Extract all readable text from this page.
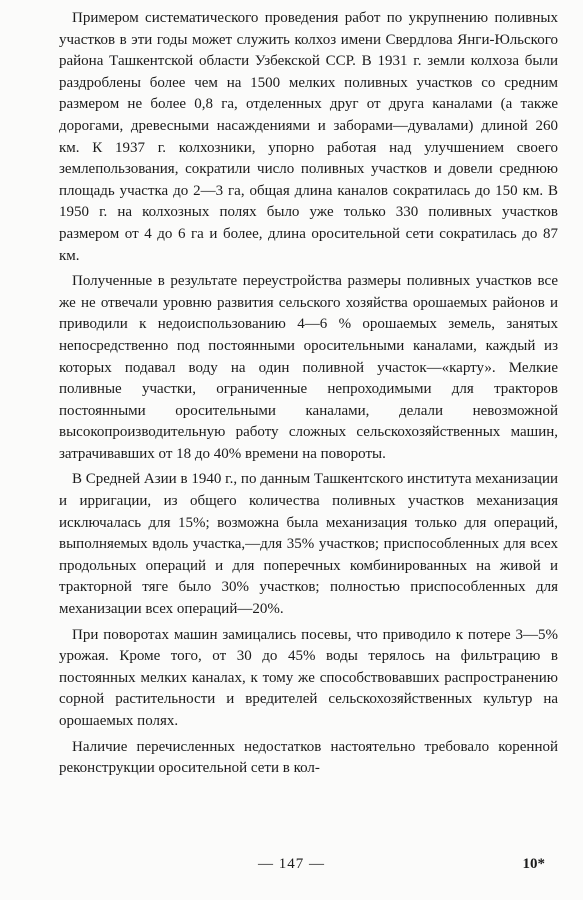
Примером систематического проведения работ по укрупнению поливных участков в эти годы может служить колхоз имени Свердлова Янги-Юльского района Ташкентской области Узбекской ССР. В 1931 г. земли колхоза были раздроблены более чем на 1500 мелких поливных участков со средним размером не более 0,8 га, отделенных друг от друга каналами (а также дорогами, древесными насаждениями и заборами—дувалами) длиной 260 км. К 1937 г. колхозники, упорно работая над улучшением своего землепользования, сократили число поливных участков и довели среднюю площадь участка до 2—3 га, общая длина каналов сократилась до 150 км. В 1950 г. на колхозных полях было уже только 330 поливных участков размером от 4 до 6 га и более, длина оросительной сети сократилась до 87 км.

Полученные в результате переустройства размеры поливных участков все же не отвечали уровню развития сельского хозяйства орошаемых районов и приводили к недоиспользованию 4—6 % орошаемых земель, занятых непосредственно под постоянными оросительными каналами, каждый из которых подавал воду на один поливной участок—«карту». Мелкие поливные участки, ограниченные непроходимыми для тракторов постоянными оросительными каналами, делали невозможной высокопроизводительную работу сложных сельскохозяйственных машин, затрачивавших от 18 до 40% времени на повороты.

В Средней Азии в 1940 г., по данным Ташкентского института механизации и ирригации, из общего количества поливных участков механизация исключалась для 15%; возможна была механизация только для операций, выполняемых вдоль участка,—для 35% участков; приспособленных для всех продольных операций и для поперечных комбинированных на живой и тракторной тяге было 30% участков; полностью приспособленных для механизации всех операций—20%.

При поворотах машин замицались посевы, что приводило к потере 3—5% урожая. Кроме того, от 30 до 45% воды терялось на фильтрацию в постоянных мелких каналах, к тому же способствовавших распространению сорной растительности и вредителей сельскохозяйственных культур на орошаемых полях.

Наличие перечисленных недостатков настоятельно требовало коренной реконструкции оросительной сети в кол-

— 147 —	10*
